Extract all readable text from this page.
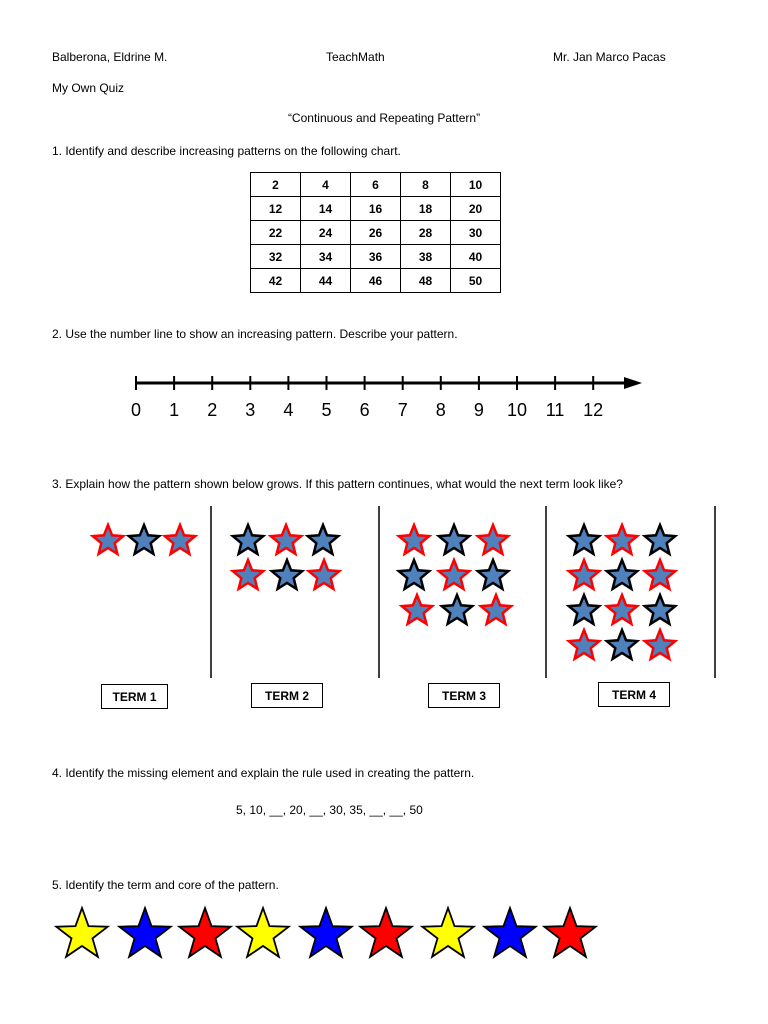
Balberona, Eldrine M.	TeachMath	Mr. Jan Marco Pacas
My Own Quiz
“Continuous and Repeating Pattern”
1. Identify and describe increasing patterns on the following chart.
2	4	6	8	10
12	14	16	18	20
22	24	26	28	30
32	34	36	38	40
42	44	46	48	50
2. Use the number line to show an increasing pattern. Describe your pattern.
0 1 2 3 4 5 6 7 8 9 10 11 12
3. Explain how the pattern shown below grows. If this pattern continues, what would the next term look like?
TERM 1	TERM 2	TERM 3	TERM 4
4. Identify the missing element and explain the rule used in creating the pattern.
5, 10, __, 20, __, 30, 35, __, __, 50
5. Identify the term and core of the pattern.
